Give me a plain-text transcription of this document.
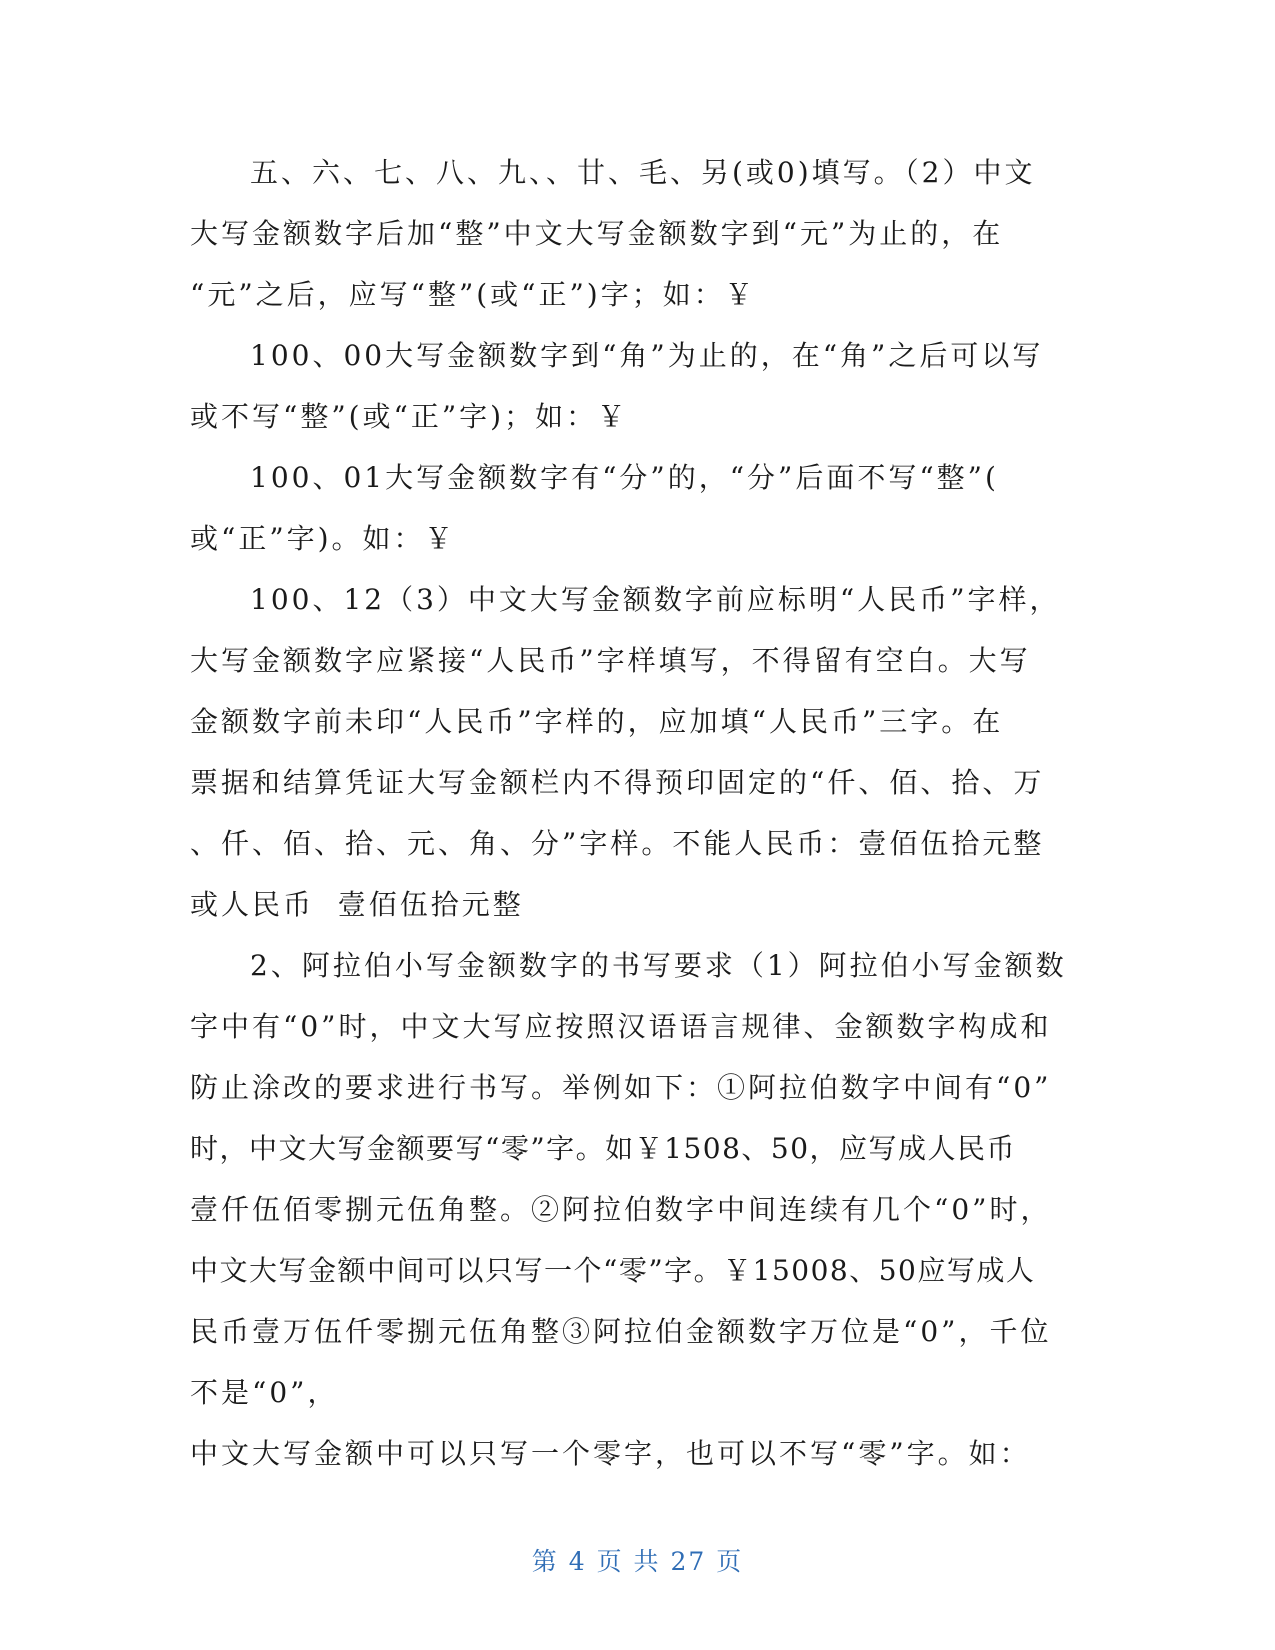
五、六、七、八、九、、廿、毛、另(或0)填写。（2）中文
大写金额数字后加“整”中文大写金额数字到“元”为止的，在
“元”之后，应写“整”(或“正”)字；如：￥
100、00大写金额数字到“角”为止的，在“角”之后可以写
或不写“整”(或“正”字)；如：￥
100、01大写金额数字有“分”的，“分”后面不写“整”(
或“正”字)。如：￥
100、12（3）中文大写金额数字前应标明“人民币”字样，
大写金额数字应紧接“人民币”字样填写，不得留有空白。大写
金额数字前未印“人民币”字样的，应加填“人民币”三字。在
票据和结算凭证大写金额栏内不得预印固定的“仟、佰、拾、万
、仟、佰、拾、元、角、分”字样。不能人民币：壹佰伍拾元整
或人民币  壹佰伍拾元整
2、阿拉伯小写金额数字的书写要求（1）阿拉伯小写金额数
字中有“0”时，中文大写应按照汉语语言规律、金额数字构成和
防止涂改的要求进行书写。举例如下：①阿拉伯数字中间有“0”
时，中文大写金额要写“零”字。如￥1508、50，应写成人民币
壹仟伍佰零捌元伍角整。②阿拉伯数字中间连续有几个“0”时，
中文大写金额中间可以只写一个“零”字。￥15008、50应写成人
民币壹万伍仟零捌元伍角整③阿拉伯金额数字万位是“0”，千位
不是“0”，
中文大写金额中可以只写一个零字，也可以不写“零”字。如：
第 4 页 共 27 页
